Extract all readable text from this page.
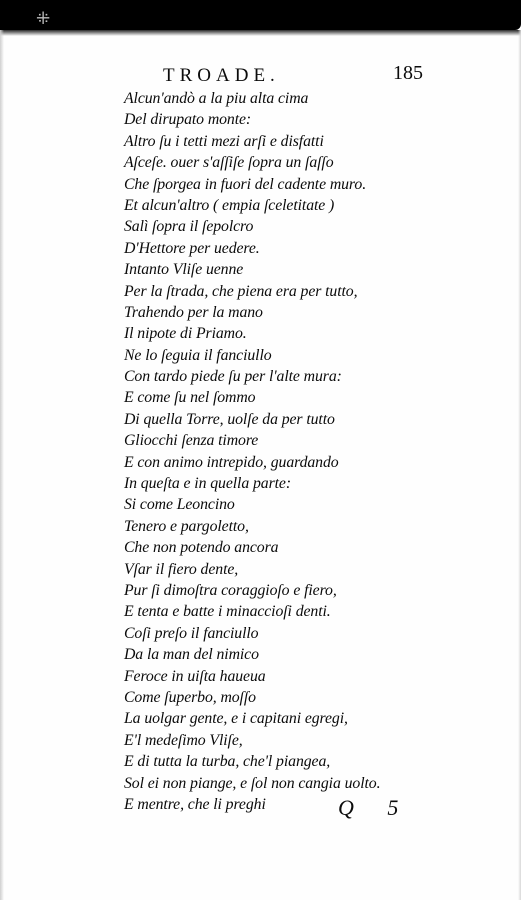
⁜
TROADE.	185
Alcun'andò a la piu alta cima
Del dirupato monte:
Altro ſu i tetti mezi arſi e disfatti
Aſceſe. ouer s'aſſiſe ſopra un ſaſſo
Che ſporgea in fuori del cadente muro.
Et alcun'altro ( empia ſceletitate )
Salì ſopra il ſepolcro
D'Hettore per uedere.
Intanto Vliſe uenne
Per la ſtrada, che piena era per tutto,
Trahendo per la mano
Il nipote di Priamo.
Ne lo ſeguia il fanciullo
Con tardo piede ſu per l'alte mura:
E come ſu nel ſommo
Di quella Torre, uolſe da per tutto
Gliocchi ſenza timore
E con animo intrepido, guardando
In queſta e in quella parte:
Si come Leoncino
Tenero e pargoletto,
Che non potendo ancora
Vſar il fiero dente,
Pur ſi dimoſtra coraggioſo e fiero,
E tenta e batte i minaccioſi denti.
Coſi preſo il fanciullo
Da la man del nimico
Feroce in uiſta haueua
Come ſuperbo, moſſo
La uolgar gente, e i capitani egregi,
E'l medeſimo Vliſe,
E di tutta la turba, che'l piangea,
Sol ei non piange, e ſol non cangia uolto.
E mentre, che li preghi	Q 5
